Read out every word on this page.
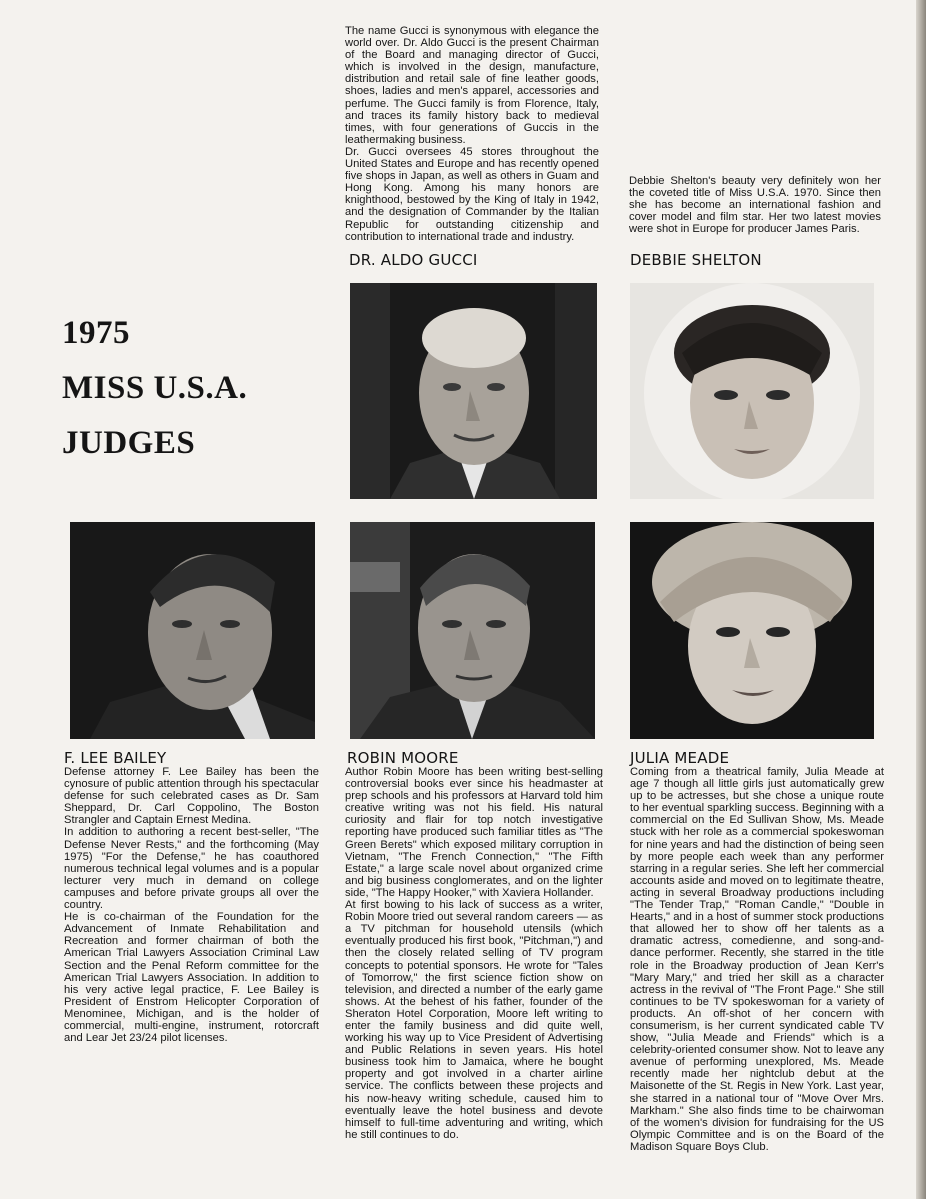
1975
MISS U.S.A.
JUDGES

The name Gucci is synonymous with elegance the world over. Dr. Aldo Gucci is the present Chairman of the Board and managing director of Gucci, which is involved in the design, manufacture, distribution and retail sale of fine leather goods, shoes, ladies and men's apparel, accessories and perfume. The Gucci family is from Florence, Italy, and traces its family history back to medieval times, with four generations of Guccis in the leathermaking business.

Dr. Gucci oversees 45 stores throughout the United States and Europe and has recently opened five shops in Japan, as well as others in Guam and Hong Kong. Among his many honors are knighthood, bestowed by the King of Italy in 1942, and the designation of Commander by the Italian Republic for outstanding citizenship and contribution to international trade and industry.

DR. ALDO GUCCI

Debbie Shelton's beauty very definitely won her the coveted title of Miss U.S.A. 1970. Since then she has become an international fashion and cover model and film star. Her two latest movies were shot in Europe for producer James Paris.

DEBBIE SHELTON
F. LEE BAILEY

Defense attorney F. Lee Bailey has been the cynosure of public attention through his spectacular defense for such celebrated cases as Dr. Sam Sheppard, Dr. Carl Coppolino, The Boston Strangler and Captain Ernest Medina.

In addition to authoring a recent best-seller, "The Defense Never Rests," and the forthcoming (May 1975) "For the Defense," he has coauthored numerous technical legal volumes and is a popular lecturer very much in demand on college campuses and before private groups all over the country.

He is co-chairman of the Foundation for the Advancement of Inmate Rehabilitation and Recreation and former chairman of both the American Trial Lawyers Association Criminal Law Section and the Penal Reform committee for the American Trial Lawyers Association. In addition to his very active legal practice, F. Lee Bailey is President of Enstrom Helicopter Corporation of Menominee, Michigan, and is the holder of commercial, multi-engine, instrument, rotorcraft and Lear Jet 23/24 pilot licenses.

ROBIN MOORE

Author Robin Moore has been writing best-selling controversial books ever since his headmaster at prep schools and his professors at Harvard told him creative writing was not his field. His natural curiosity and flair for top notch investigative reporting have produced such familiar titles as "The Green Berets" which exposed military corruption in Vietnam, "The French Connection," "The Fifth Estate," a large scale novel about organized crime and big business conglomerates, and on the lighter side, "The Happy Hooker," with Xaviera Hollander.

At first bowing to his lack of success as a writer, Robin Moore tried out several random careers — as a TV pitchman for household utensils (which eventually produced his first book, "Pitchman,") and then the closely related selling of TV program concepts to potential sponsors. He wrote for "Tales of Tomorrow," the first science fiction show on television, and directed a number of the early game shows. At the behest of his father, founder of the Sheraton Hotel Corporation, Moore left writing to enter the family business and did quite well, working his way up to Vice President of Advertising and Public Relations in seven years. His hotel business took him to Jamaica, where he bought property and got involved in a charter airline service. The conflicts between these projects and his now-heavy writing schedule, caused him to eventually leave the hotel business and devote himself to full-time adventuring and writing, which he still continues to do.

JULIA MEADE

Coming from a theatrical family, Julia Meade at age 7 though all little girls just automatically grew up to be actresses, but she chose a unique route to her eventual sparkling success. Beginning with a commercial on the Ed Sullivan Show, Ms. Meade stuck with her role as a commercial spokeswoman for nine years and had the distinction of being seen by more people each week than any performer starring in a regular series. She left her commercial accounts aside and moved on to legitimate theatre, acting in several Broadway productions including "The Tender Trap," "Roman Candle," "Double in Hearts," and in a host of summer stock productions that allowed her to show off her talents as a dramatic actress, comedienne, and song-and-dance performer. Recently, she starred in the title role in the Broadway production of Jean Kerr's "Mary Mary," and tried her skill as a character actress in the revival of "The Front Page." She still continues to be TV spokeswoman for a variety of products. An off-shot of her concern with consumerism, is her current syndicated cable TV show, "Julia Meade and Friends" which is a celebrity-oriented consumer show. Not to leave any avenue of performing unexplored, Ms. Meade recently made her nightclub debut at the Maisonette of the St. Regis in New York. Last year, she starred in a national tour of "Move Over Mrs. Markham." She also finds time to be chairwoman of the women's division for fundraising for the US Olympic Committee and is on the Board of the Madison Square Boys Club.
